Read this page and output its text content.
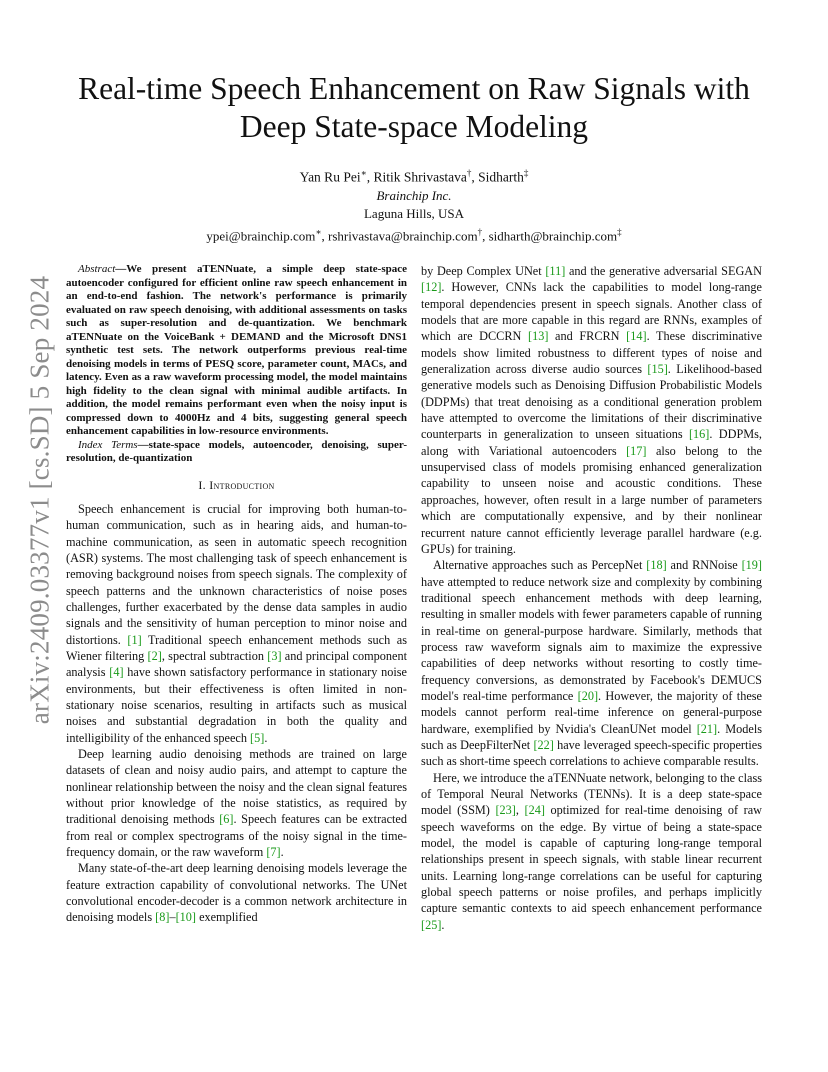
arXiv:2409.03377v1 [cs.SD] 5 Sep 2024
Real-time Speech Enhancement on Raw Signals with Deep State-space Modeling
Yan Ru Pei∗, Ritik Shrivastava†, Sidharth‡
Brainchip Inc.
Laguna Hills, USA
ypei@brainchip.com∗, rshrivastava@brainchip.com†, sidharth@brainchip.com‡

Abstract—We present aTENNuate, a simple deep state-space autoencoder configured for efficient online raw speech enhancement in an end-to-end fashion. The network's performance is primarily evaluated on raw speech denoising, with additional assessments on tasks such as super-resolution and de-quantization. We benchmark aTENNuate on the VoiceBank + DEMAND and the Microsoft DNS1 synthetic test sets. The network outperforms previous real-time denoising models in terms of PESQ score, parameter count, MACs, and latency. Even as a raw waveform processing model, the model maintains high fidelity to the clean signal with minimal audible artifacts. In addition, the model remains performant even when the noisy input is compressed down to 4000Hz and 4 bits, suggesting general speech enhancement capabilities in low-resource environments.

Index Terms—state-space models, autoencoder, denoising, super-resolution, de-quantization

I. Introduction

Speech enhancement is crucial for improving both human-to-human communication, such as in hearing aids, and human-to-machine communication, as seen in automatic speech recognition (ASR) systems. The most challenging task of speech enhancement is removing background noises from speech signals. The complexity of speech patterns and the unknown characteristics of noise poses challenges, further exacerbated by the dense data samples in audio signals and the sensitivity of human perception to minor noise and distortions. [1] Traditional speech enhancement methods such as Wiener filtering [2], spectral subtraction [3] and principal component analysis [4] have shown satisfactory performance in stationary noise environments, but their effectiveness is often limited in non-stationary noise scenarios, resulting in artifacts such as musical noises and substantial degradation in both the quality and intelligibility of the enhanced speech [5].

Deep learning audio denoising methods are trained on large datasets of clean and noisy audio pairs, and attempt to capture the nonlinear relationship between the noisy and the clean signal features without prior knowledge of the noise statistics, as required by traditional denoising methods [6]. Speech features can be extracted from real or complex spectrograms of the noisy signal in the time-frequency domain, or the raw waveform [7].

Many state-of-the-art deep learning denoising models leverage the feature extraction capability of convolutional networks. The UNet convolutional encoder-decoder is a common network architecture in denoising models [8]–[10] exemplified

by Deep Complex UNet [11] and the generative adversarial SEGAN [12]. However, CNNs lack the capabilities to model long-range temporal dependencies present in speech signals. Another class of models that are more capable in this regard are RNNs, examples of which are DCCRN [13] and FRCRN [14]. These discriminative models show limited robustness to different types of noise and generalization across diverse audio sources [15]. Likelihood-based generative models such as Denoising Diffusion Probabilistic Models (DDPMs) that treat denoising as a conditional generation problem have attempted to overcome the limitations of their discriminative counterparts in generalization to unseen situations [16]. DDPMs, along with Variational autoencoders [17] also belong to the unsupervised class of models promising enhanced generalization capability to unseen noise and acoustic conditions. These approaches, however, often result in a large number of parameters which are computationally expensive, and by their nonlinear recurrent nature cannot efficiently leverage parallel hardware (e.g. GPUs) for training.

Alternative approaches such as PercepNet [18] and RNNoise [19] have attempted to reduce network size and complexity by combining traditional speech enhancement methods with deep learning, resulting in smaller models with fewer parameters capable of running in real-time on general-purpose hardware. Similarly, methods that process raw waveform signals aim to maximize the expressive capabilities of deep networks without resorting to costly time-frequency conversions, as demonstrated by Facebook's DEMUCS model's real-time performance [20]. However, the majority of these models cannot perform real-time inference on general-purpose hardware, exemplified by Nvidia's CleanUNet model [21]. Models such as DeepFilterNet [22] have leveraged speech-specific properties such as short-time speech correlations to achieve comparable results.

Here, we introduce the aTENNuate network, belonging to the class of Temporal Neural Networks (TENNs). It is a deep state-space model (SSM) [23], [24] optimized for real-time denoising of raw speech waveforms on the edge. By virtue of being a state-space model, the model is capable of capturing long-range temporal relationships present in speech signals, with stable linear recurrent units. Learning long-range correlations can be useful for capturing global speech patterns or noise profiles, and perhaps implicitly capture semantic contexts to aid speech enhancement performance [25].
